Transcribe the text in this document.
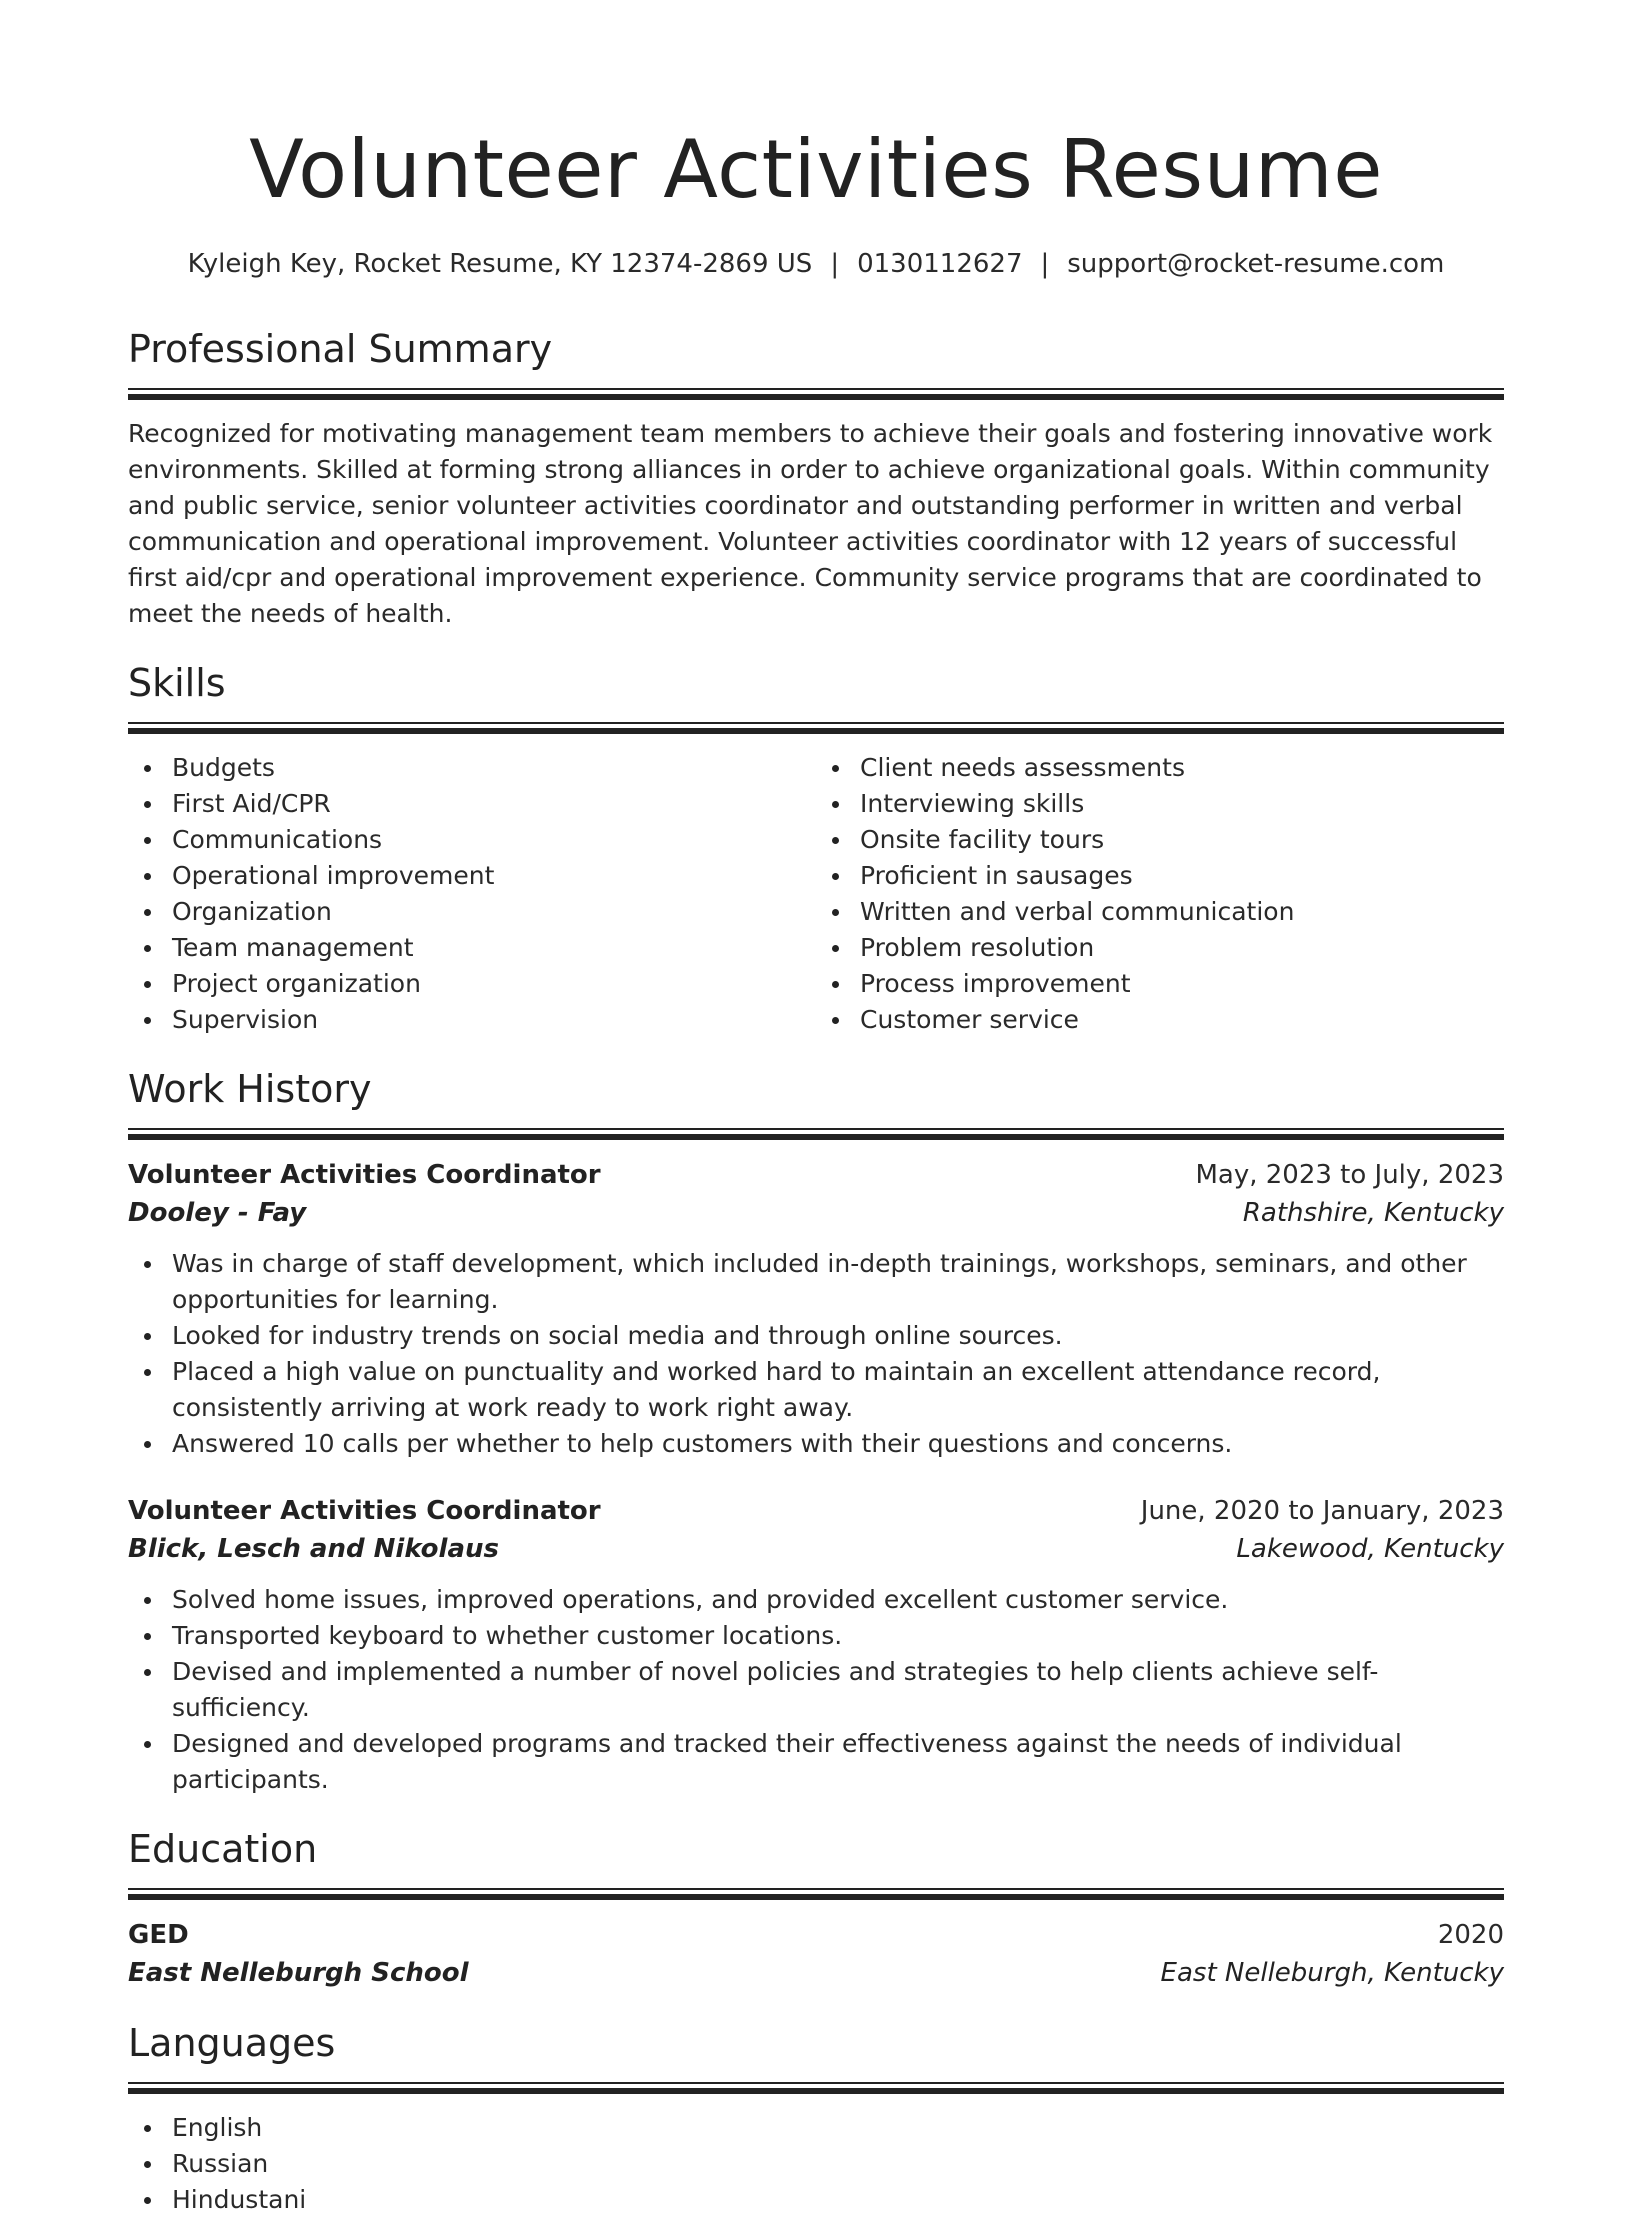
Volunteer Activities Resume
Kyleigh Key, Rocket Resume, KY 12374-2869 US | 0130112627 | support@rocket-resume.com
Professional Summary

Recognized for motivating management team members to achieve their goals and fostering innovative work environments. Skilled at forming strong alliances in order to achieve organizational goals. Within community and public service, senior volunteer activities coordinator and outstanding performer in written and verbal communication and operational improvement. Volunteer activities coordinator with 12 years of successful first aid/cpr and operational improvement experience. Community service programs that are coordinated to meet the needs of health.

Skills
Budgets
First Aid/CPR
Communications
Operational improvement
Organization
Team management
Project organization
Supervision
Client needs assessments
Interviewing skills
Onsite facility tours
Proficient in sausages
Written and verbal communication
Problem resolution
Process improvement
Customer service
Work History
Volunteer Activities Coordinator	May, 2023 to July, 2023
Dooley - Fay	Rathshire, Kentucky
Was in charge of staff development, which included in-depth trainings, workshops, seminars, and other opportunities for learning.
Looked for industry trends on social media and through online sources.
Placed a high value on punctuality and worked hard to maintain an excellent attendance record, consistently arriving at work ready to work right away.
Answered 10 calls per whether to help customers with their questions and concerns.
Volunteer Activities Coordinator	June, 2020 to January, 2023
Blick, Lesch and Nikolaus	Lakewood, Kentucky
Solved home issues, improved operations, and provided excellent customer service.
Transported keyboard to whether customer locations.
Devised and implemented a number of novel policies and strategies to help clients achieve self-sufficiency.
Designed and developed programs and tracked their effectiveness against the needs of individual participants.
Education
GED	2020
East Nelleburgh School	East Nelleburgh, Kentucky
Languages
English
Russian
Hindustani
